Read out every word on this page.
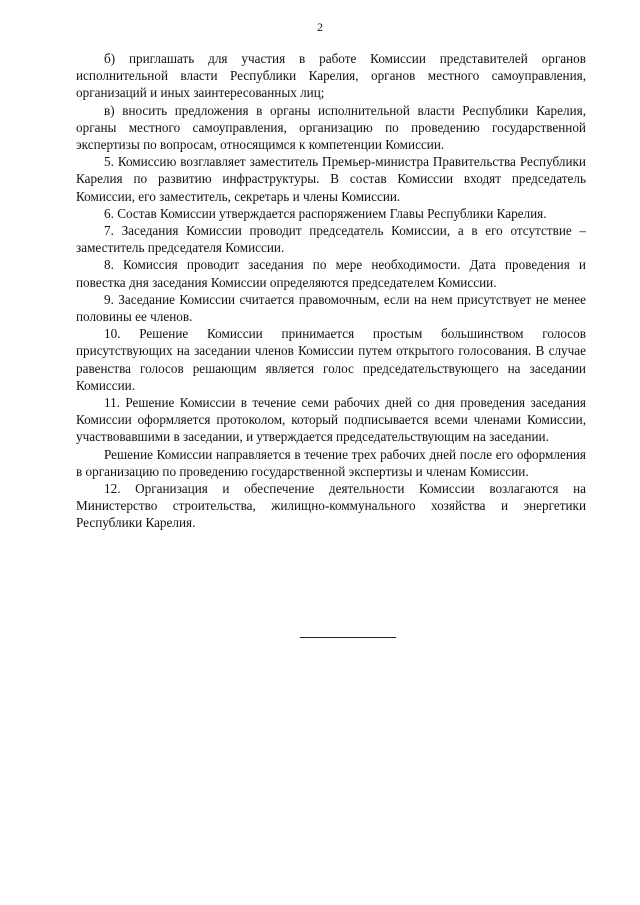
2

б) приглашать для участия в работе Комиссии представителей органов исполнительной власти Республики Карелия, органов местного самоуправления, организаций и иных заинтересованных лиц;

в) вносить предложения в органы исполнительной власти Республики Карелия, органы местного самоуправления, организацию по проведению государственной экспертизы по вопросам, относящимся к компетенции Комиссии.

5. Комиссию возглавляет заместитель Премьер-министра Правительства Республики Карелия по развитию инфраструктуры. В состав Комиссии входят председатель Комиссии, его заместитель, секретарь и члены Комиссии.

6. Состав Комиссии утверждается распоряжением Главы Республики Карелия.

7. Заседания Комиссии проводит председатель Комиссии, а в его отсутствие – заместитель председателя Комиссии.

8. Комиссия проводит заседания по мере необходимости. Дата проведения и повестка дня заседания Комиссии определяются председателем Комиссии.

9. Заседание Комиссии считается правомочным, если на нем присутствует не менее половины ее членов.

10. Решение Комиссии принимается простым большинством голосов присутствующих на заседании членов Комиссии путем открытого голосования. В случае равенства голосов решающим является голос председательствующего на заседании Комиссии.

11. Решение Комиссии в течение семи рабочих дней со дня проведения заседания Комиссии оформляется протоколом, который подписывается всеми членами Комиссии, участвовавшими в заседании, и утверждается председательствующим на заседании.

Решение Комиссии направляется в течение трех рабочих дней после его оформления в организацию по проведению государственной экспертизы и членам Комиссии.

12. Организация и обеспечение деятельности Комиссии возлагаются на Министерство строительства, жилищно-коммунального хозяйства и энергетики Республики Карелия.
